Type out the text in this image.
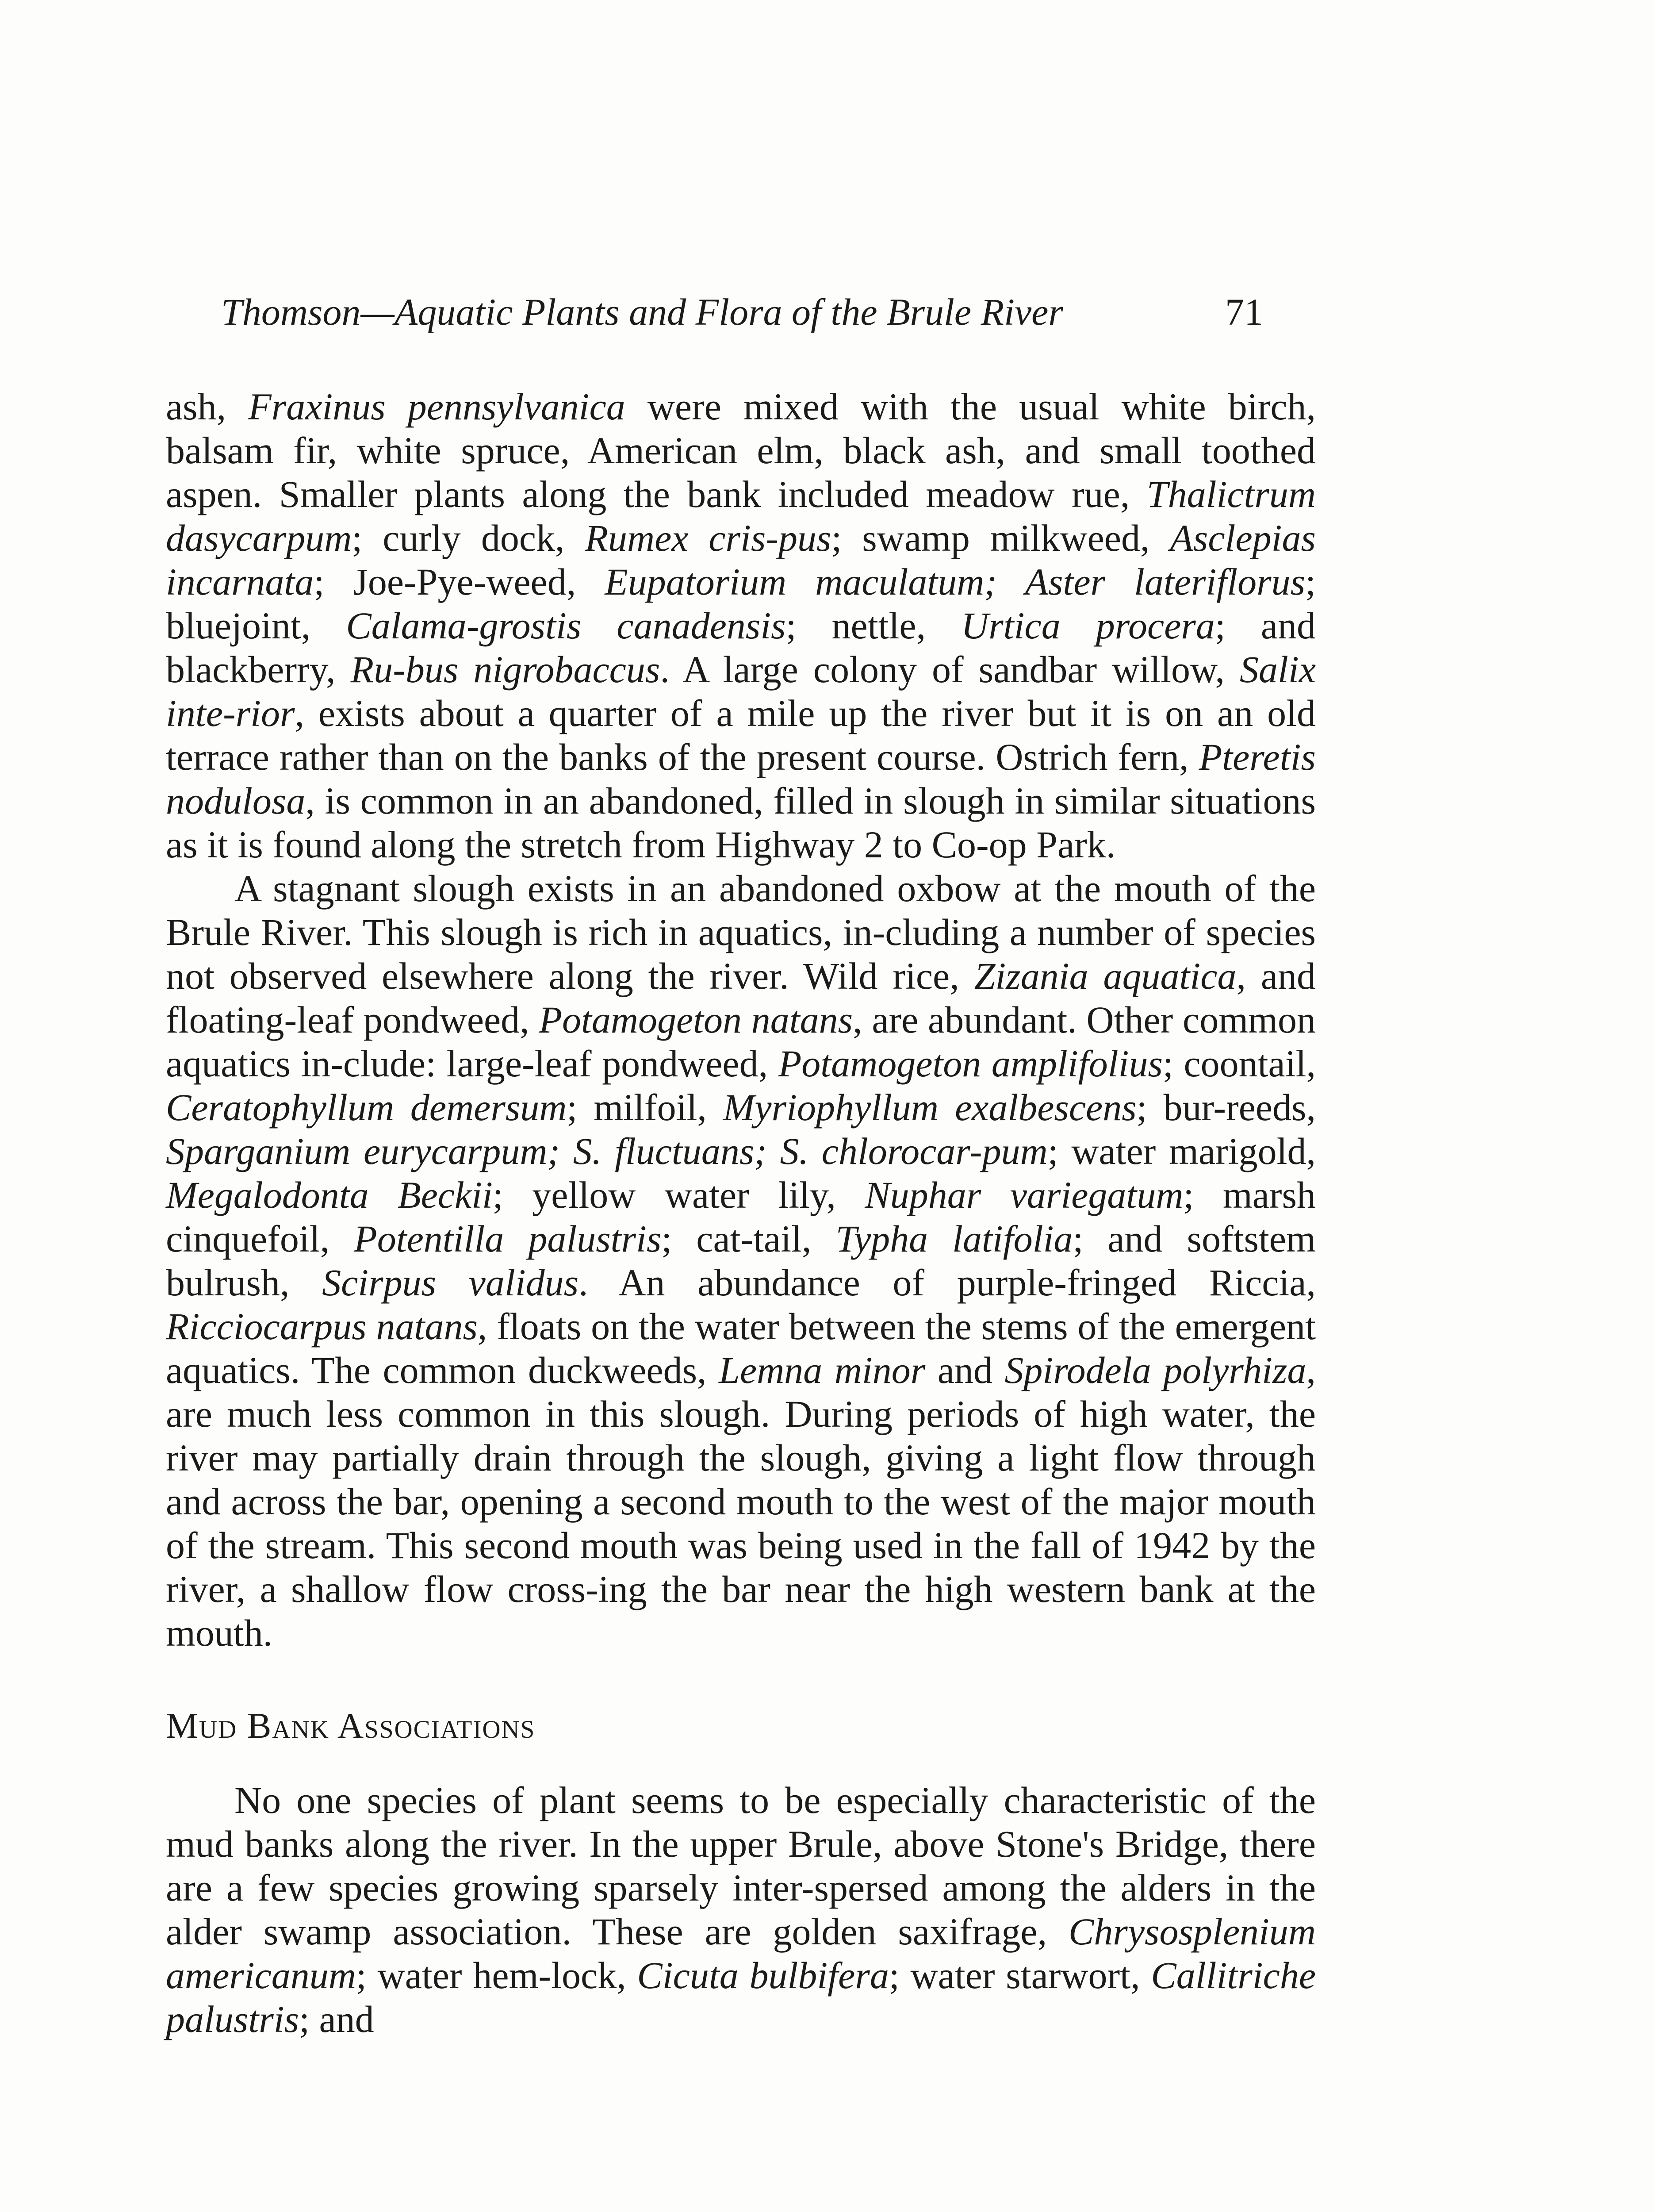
Thomson—Aquatic Plants and Flora of the Brule River	71

ash, Fraxinus pennsylvanica were mixed with the usual white birch, balsam fir, white spruce, American elm, black ash, and small toothed aspen. Smaller plants along the bank included meadow rue, Thalictrum dasycarpum; curly dock, Rumex cris-pus; swamp milkweed, Asclepias incarnata; Joe-Pye-weed, Eupatorium maculatum; Aster lateriflorus; bluejoint, Calama-grostis canadensis; nettle, Urtica procera; and blackberry, Ru-bus nigrobaccus. A large colony of sandbar willow, Salix inte-rior, exists about a quarter of a mile up the river but it is on an old terrace rather than on the banks of the present course. Ostrich fern, Pteretis nodulosa, is common in an abandoned, filled in slough in similar situations as it is found along the stretch from Highway 2 to Co-op Park.

A stagnant slough exists in an abandoned oxbow at the mouth of the Brule River. This slough is rich in aquatics, in-cluding a number of species not observed elsewhere along the river. Wild rice, Zizania aquatica, and floating-leaf pondweed, Potamogeton natans, are abundant. Other common aquatics in-clude: large-leaf pondweed, Potamogeton amplifolius; coontail, Ceratophyllum demersum; milfoil, Myriophyllum exalbescens; bur-reeds, Sparganium eurycarpum; S. fluctuans; S. chlorocar-pum; water marigold, Megalodonta Beckii; yellow water lily, Nuphar variegatum; marsh cinquefoil, Potentilla palustris; cat-tail, Typha latifolia; and softstem bulrush, Scirpus validus. An abundance of purple-fringed Riccia, Ricciocarpus natans, floats on the water between the stems of the emergent aquatics. The common duckweeds, Lemna minor and Spirodela polyrhiza, are much less common in this slough. During periods of high water, the river may partially drain through the slough, giving a light flow through and across the bar, opening a second mouth to the west of the major mouth of the stream. This second mouth was being used in the fall of 1942 by the river, a shallow flow cross-ing the bar near the high western bank at the mouth.

Mud Bank Associations

No one species of plant seems to be especially characteristic of the mud banks along the river. In the upper Brule, above Stone's Bridge, there are a few species growing sparsely inter-spersed among the alders in the alder swamp association. These are golden saxifrage, Chrysosplenium americanum; water hem-lock, Cicuta bulbifera; water starwort, Callitriche palustris; and
